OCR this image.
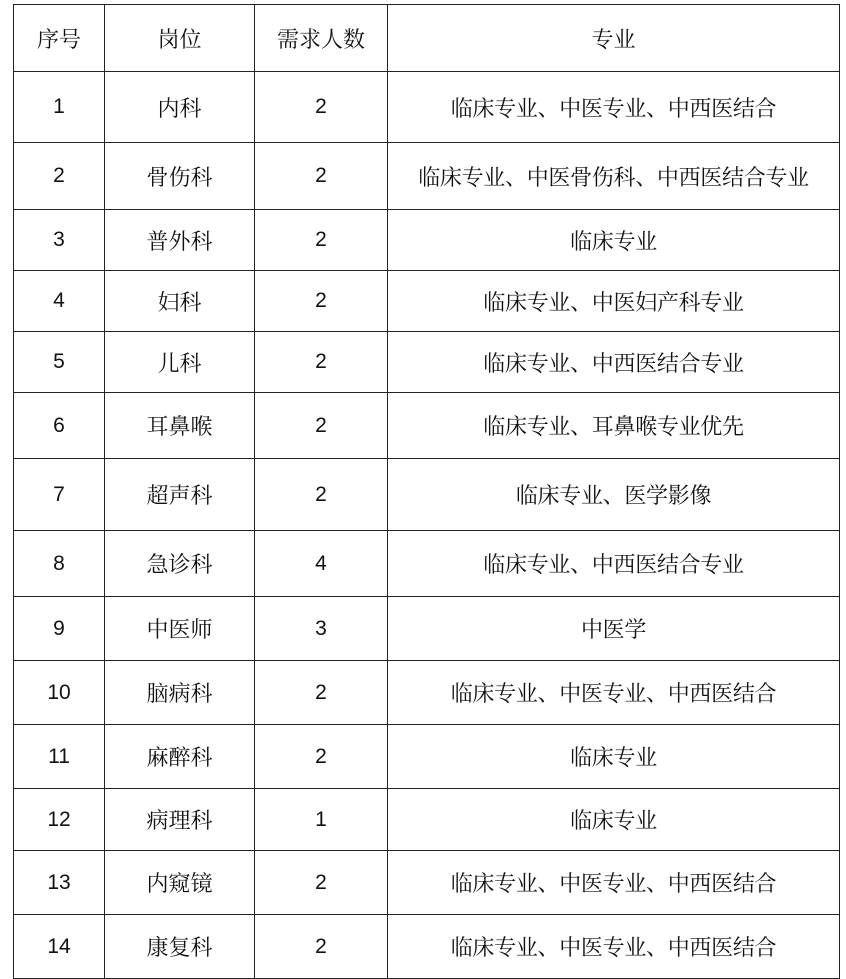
序号	岗位	需求人数	专业
1	内科	2	临床专业、中医专业、中西医结合
2	骨伤科	2	临床专业、中医骨伤科、中西医结合专业
3	普外科	2	临床专业
4	妇科	2	临床专业、中医妇产科专业
5	儿科	2	临床专业、中西医结合专业
6	耳鼻喉	2	临床专业、耳鼻喉专业优先
7	超声科	2	临床专业、医学影像
8	急诊科	4	临床专业、中西医结合专业
9	中医师	3	中医学
10	脑病科	2	临床专业、中医专业、中西医结合
11	麻醉科	2	临床专业
12	病理科	1	临床专业
13	内窥镜	2	临床专业、中医专业、中西医结合
14	康复科	2	临床专业、中医专业、中西医结合
